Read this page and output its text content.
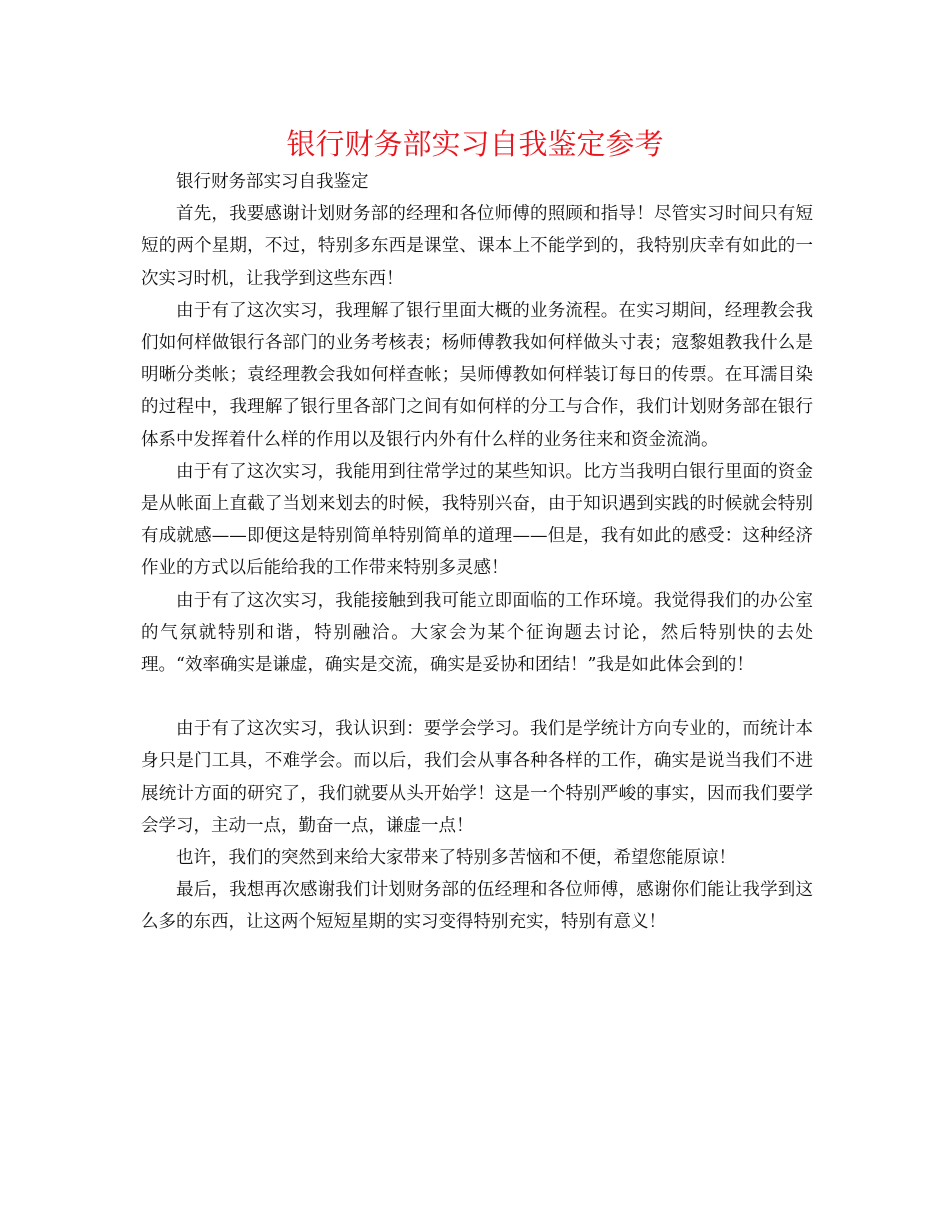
银行财务部实习自我鉴定参考

银行财务部实习自我鉴定

首先，我要感谢计划财务部的经理和各位师傅的照顾和指导！尽管实习时间只有短短的两个星期，不过，特别多东西是课堂、课本上不能学到的，我特别庆幸有如此的一次实习时机，让我学到这些东西！

由于有了这次实习，我理解了银行里面大概的业务流程。在实习期间，经理教会我们如何样做银行各部门的业务考核表；杨师傅教我如何样做头寸表；寇黎姐教我什么是明晰分类帐；袁经理教会我如何样查帐；吴师傅教如何样装订每日的传票。在耳濡目染的过程中，我理解了银行里各部门之间有如何样的分工与合作，我们计划财务部在银行体系中发挥着什么样的作用以及银行内外有什么样的业务往来和资金流淌。

由于有了这次实习，我能用到往常学过的某些知识。比方当我明白银行里面的资金是从帐面上直截了当划来划去的时候，我特别兴奋，由于知识遇到实践的时候就会特别有成就感——即便这是特别简单特别简单的道理——但是，我有如此的感受：这种经济作业的方式以后能给我的工作带来特别多灵感！

由于有了这次实习，我能接触到我可能立即面临的工作环境。我觉得我们的办公室的气氛就特别和谐，特别融洽。大家会为某个征询题去讨论，然后特别快的去处理。“效率确实是谦虚，确实是交流，确实是妥协和团结！”我是如此体会到的！

由于有了这次实习，我认识到：要学会学习。我们是学统计方向专业的，而统计本身只是门工具，不难学会。而以后，我们会从事各种各样的工作，确实是说当我们不进展统计方面的研究了，我们就要从头开始学！这是一个特别严峻的事实，因而我们要学会学习，主动一点，勤奋一点，谦虚一点！

也许，我们的突然到来给大家带来了特别多苦恼和不便，希望您能原谅！

最后，我想再次感谢我们计划财务部的伍经理和各位师傅，感谢你们能让我学到这么多的东西，让这两个短短星期的实习变得特别充实，特别有意义！
